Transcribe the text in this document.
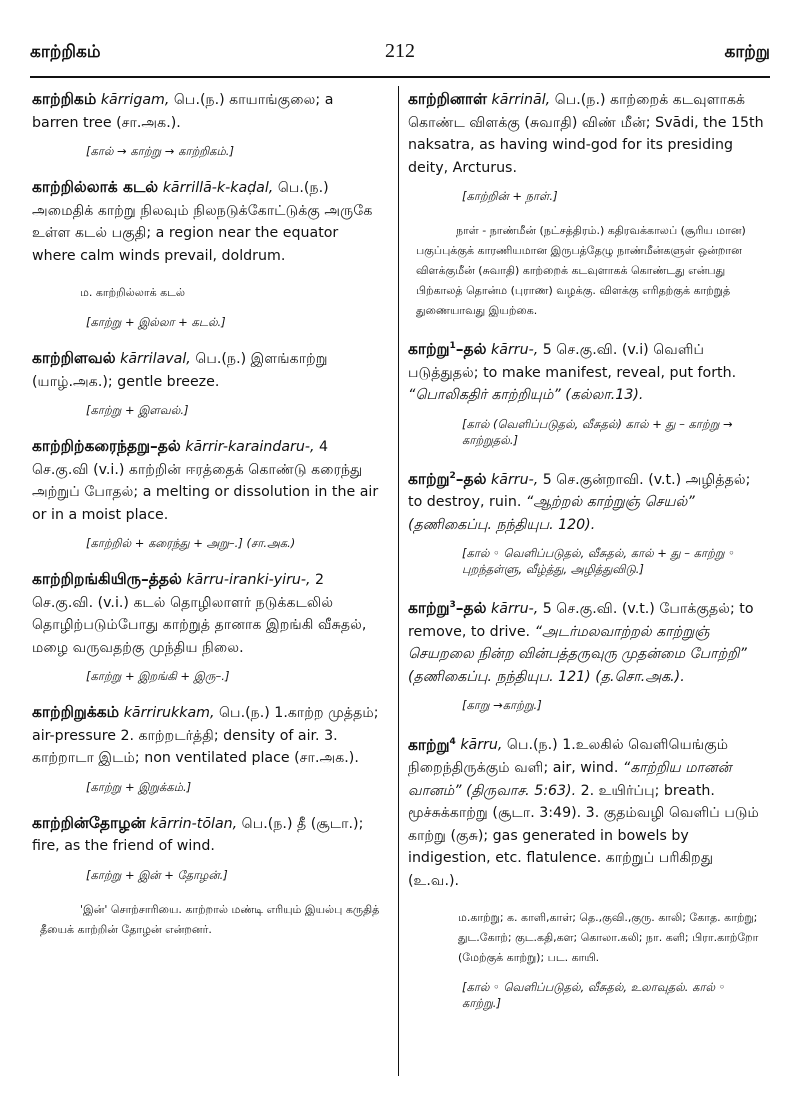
காற்றிகம்	212	காற்று

காற்றிகம் kārrigam, பெ.(ந.) காயாங்குலை; a barren tree (சா.அக.).

[கால் → காற்று → காற்றிகம்.]

காற்றில்லாக் கடல் kārrillā-k-kaḍal, பெ.(ந.) அமைதிக் காற்று நிலவும் நிலநடுக்கோட்டுக்கு அருகே உள்ள கடல் பகுதி; a region near the equator where calm winds prevail, doldrum.

ம. காற்றில்லாக் கடல்
[காற்று + இல்லா + கடல்.]

காற்றிளவல் kārrilaval, பெ.(ந.) இளங்காற்று (யாழ்.அக.); gentle breeze.

[காற்று + இளவல்.]

காற்றிற்கரைந்தறு–தல் kārrir-karaindaru-, 4 செ.கு.வி (v.i.) காற்றின் ஈரத்தைக் கொண்டு கரைந்து அற்றுப் போதல்; a melting or dissolution in the air or in a moist place.

[காற்றில் + கரைந்து + அறு–.] (சா.அக.)

காற்றிறங்கியிரு–த்தல் kārru-iranki-yiru-, 2 செ.கு.வி. (v.i.) கடல் தொழிலாளர் நடுக்கடலில் தொழிற்படும்போது காற்றுத் தானாக இறங்கி வீசுதல், மழை வருவதற்கு முந்திய நிலை.

[காற்று + இறங்கி + இரு–.]

காற்றிறுக்கம் kārrirukkam, பெ.(ந.) 1.காற்ற முத்தம்; air-pressure 2. காற்றடர்த்தி; density of air. 3. காற்றாடா இடம்; non ventilated place (சா.அக.).

[காற்று + இறுக்கம்.]

காற்றின்தோழன் kārrin-tōlan, பெ.(ந.) தீ (சூடா.); fire, as the friend of wind.

[காற்று + இன் + தோழன்.]
'இன்' சொற்சாரியை. காற்றால் மண்டி எரியும் இயல்பு கருதித் தீயைக் காற்றின் தோழன் என்றனர்.

காற்றினாள் kārrināl, பெ.(ந.) காற்றைக் கடவுளாகக் கொண்ட விளக்கு (சுவாதி) விண் மீன்; Svādi, the 15th naksatra, as having wind-god for its presiding deity, Arcturus.

[காற்றின் + நாள்.]
நாள் - நாண்மீன் (நட்சத்திரம்.) கதிரவக்காலப் (சூரிய மான) பகுப்புக்குக் காரணியமான இருபத்தேழு நாண்மீன்களுள் ஒன்றான விளக்குமீன் (சுவாதி) காற்றைக் கடவுளாகக் கொண்டது என்பது பிற்காலத் தொன்ம (புராண) வழக்கு. விளக்கு எரிதற்குக் காற்றுத் துணையாவது இயற்கை.

காற்று$^1$–தல் kārru-, 5 செ.கு.வி. (v.i) வெளிப் படுத்துதல்; to make manifest, reveal, put forth. “பொலிகதிர் காற்றியும்” (கல்லா.13).

[கால் (வெளிப்படுதல், வீசுதல்) கால் + து – காற்று → காற்றுதல்.]

காற்று$^2$–தல் kārru-, 5 செ.குன்றாவி. (v.t.) அழித்தல்; to destroy, ruin. “ஆற்றல் காற்றுஞ் செயல்” (தணிகைப்பு. நந்தியுப. 120).

[கால் ◦ வெளிப்படுதல், வீசுதல், கால் + து – காற்று ◦ புறந்தள்ளு, வீழ்த்து, அழித்துவிடு.]

காற்று$^3$–தல் kārru-, 5 செ.கு.வி. (v.t.) போக்குதல்; to remove, to drive. “அடர்மலவாற்றல் காற்றுஞ் செயறலை நின்ற வின்பத்தருவுரு முதன்மை போற்றி” (தணிகைப்பு. நந்தியுப. 121) (த.சொ.அக.).

[காறு →காற்று.]

காற்று$^4$ kārru, பெ.(ந.) 1.உலகில் வெளியெங்கும் நிறைந்திருக்கும் வளி; air, wind. “காற்றிய மானன் வானம்” (திருவாச. 5:63). 2. உயிர்ப்பு; breath. மூச்சுக்காற்று (சூடா. 3:49). 3. குதம்வழி வெளிப் படும் காற்று (குசு); gas generated in bowels by indigestion, etc. flatulence. காற்றுப் பரிகிறது (உ.வ.).

ம.காற்று; க. காளி,காள்; தெ.,குவி.,குரு. காலி; கோத. காற்று; துட.கோற்; குட.கதி,கள; கொலா.கலி; நா. களி; பிரா.காற்றோ (மேற்குக் காற்று); பட. காயி.
[கால் ◦ வெளிப்படுதல், வீசுதல், உலாவுதல். கால் ◦ காற்று.]
